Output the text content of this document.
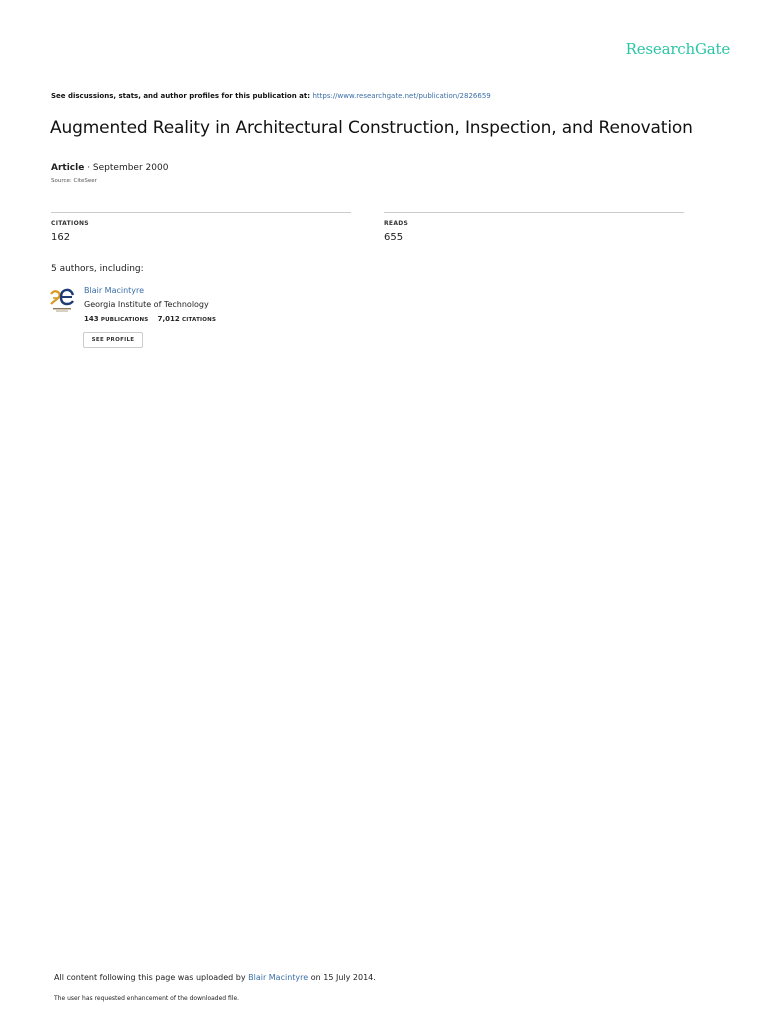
ResearchGate
See discussions, stats, and author profiles for this publication at: https://www.researchgate.net/publication/2826659
Augmented Reality in Architectural Construction, Inspection, and Renovation
Article · September 2000
Source: CiteSeer
CITATIONS
162
READS
655
5 authors, including:
Blair Macintyre
Georgia Institute of Technology
143 PUBLICATIONS 7,012 CITATIONS
SEE PROFILE
All content following this page was uploaded by Blair Macintyre on 15 July 2014.
The user has requested enhancement of the downloaded file.
